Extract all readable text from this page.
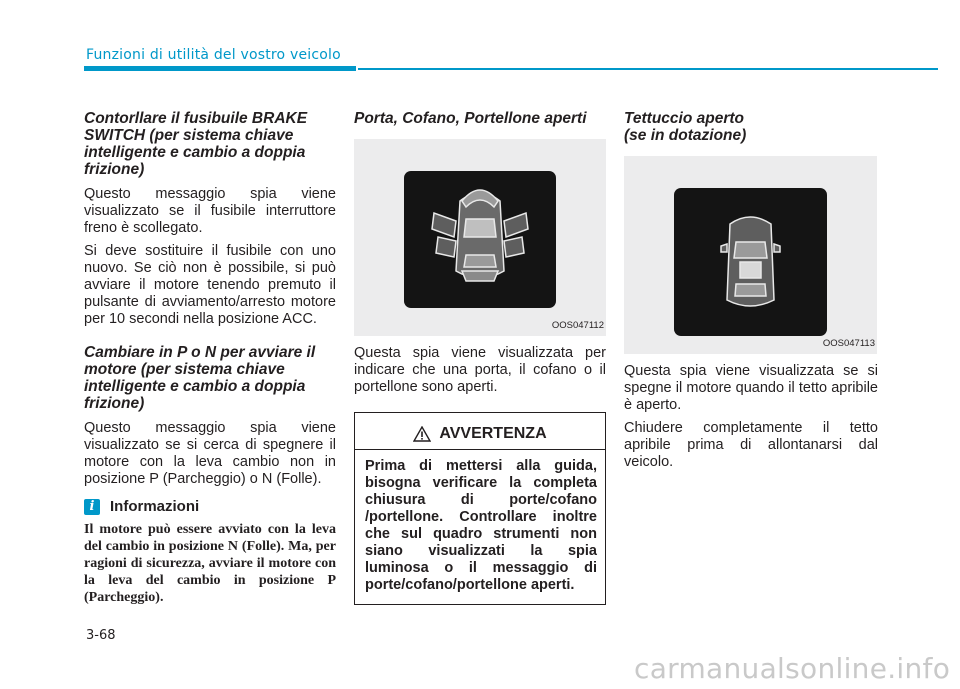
Funzioni di utilità del vostro veicolo
Contorllare il fusibuile BRAKE SWITCH (per sistema chiave intelligente e cambio a doppia frizione)

Questo messaggio spia viene visualizzato se il fusibile interruttore freno è scollegato.

Si deve sostituire il fusibile con uno nuovo. Se ciò non è possibile, si può avviare il motore tenendo premuto il pulsante di avviamento/arresto motore per 10 secondi nella posizione ACC.

Cambiare in P o N per avviare il motore (per sistema chiave intelligente e cambio a doppia frizione)

Questo messaggio spia viene visualizzato se si cerca di spegnere il motore con la leva cambio non in posizione P (Parcheggio) o N (Folle).

i	Informazioni
Il motore può essere avviato con la leva del cambio in posizione N (Folle). Ma, per ragioni di sicurezza, avviare il motore con la leva del cambio in posizione P (Parcheggio).
Porta, Cofano, Portellone aperti
OOS047112

Questa spia viene visualizzata per indicare che una porta, il cofano o il portellone sono aperti.

AVVERTENZA
Prima di mettersi alla guida, bisogna verificare la completa chiusura di porte/cofano /portellone. Controllare inoltre che sul quadro strumenti non siano visualizzati la spia luminosa o il messaggio di porte/cofano/portellone aperti.
Tettuccio aperto
(se in dotazione)
OOS047113

Questa spia viene visualizzata se si spegne il motore quando il tetto apribile è aperto.

Chiudere completamente il tetto apribile prima di allontanarsi dal veicolo.

3-68
carmanualsonline.info
